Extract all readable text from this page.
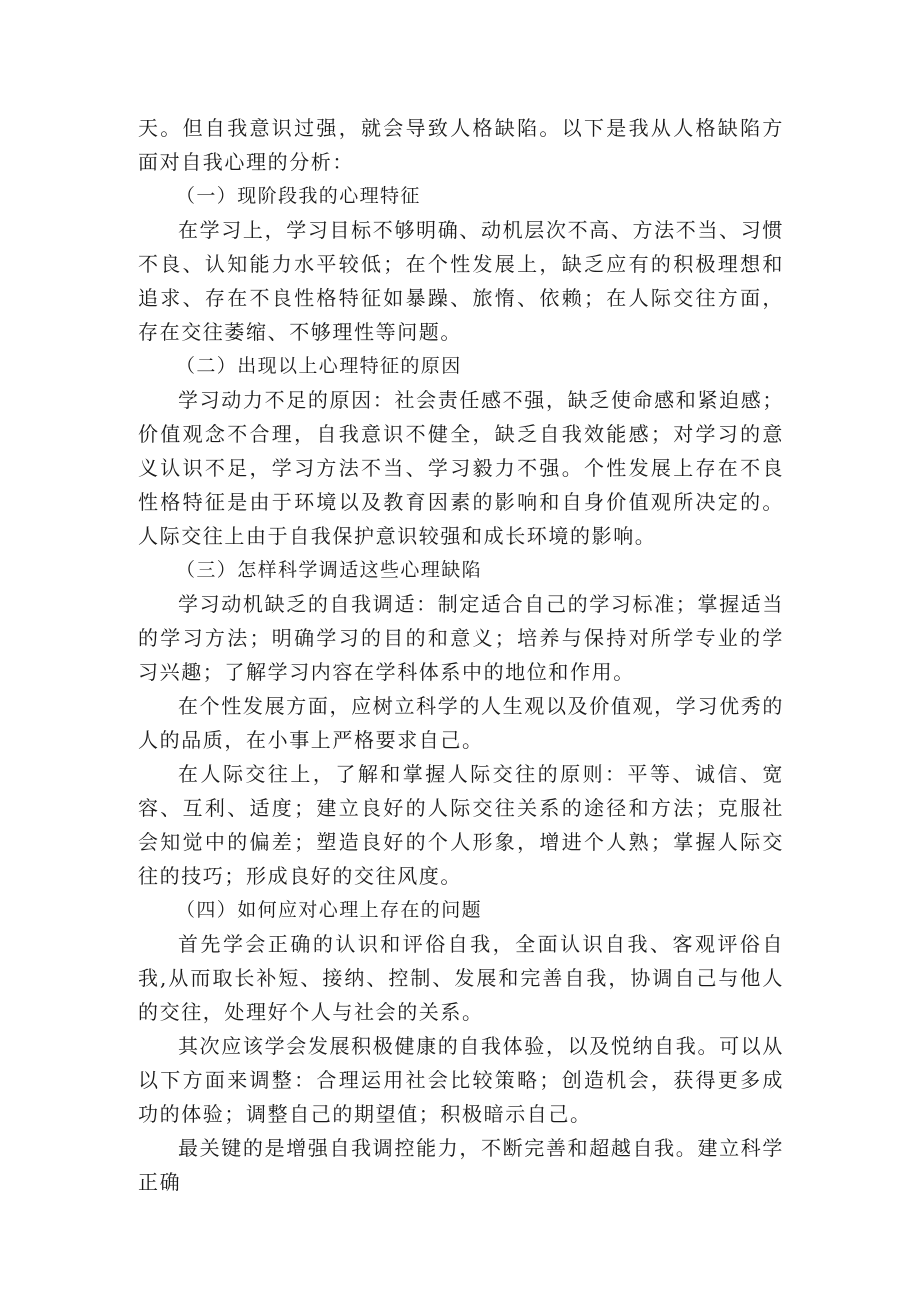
天。但自我意识过强，就会导致人格缺陷。以下是我从人格缺陷方面对自我心理的分析：

（一）现阶段我的心理特征

在学习上，学习目标不够明确、动机层次不高、方法不当、习惯不良、认知能力水平较低；在个性发展上，缺乏应有的积极理想和追求、存在不良性格特征如暴躁、旅惰、依赖；在人际交往方面，存在交往萎缩、不够理性等问题。

（二）出现以上心理特征的原因

学习动力不足的原因：社会责任感不强，缺乏使命感和紧迫感；价值观念不合理，自我意识不健全，缺乏自我效能感；对学习的意义认识不足，学习方法不当、学习毅力不强。个性发展上存在不良性格特征是由于环境以及教育因素的影响和自身价值观所决定的。人际交往上由于自我保护意识较强和成长环境的影响。

（三）怎样科学调适这些心理缺陷

学习动机缺乏的自我调适：制定适合自己的学习标准；掌握适当的学习方法；明确学习的目的和意义；培养与保持对所学专业的学习兴趣；了解学习内容在学科体系中的地位和作用。

在个性发展方面，应树立科学的人生观以及价值观，学习优秀的人的品质，在小事上严格要求自己。

在人际交往上，了解和掌握人际交往的原则：平等、诚信、宽容、互利、适度；建立良好的人际交往关系的途径和方法；克服社会知觉中的偏差；塑造良好的个人形象，增进个人熟；掌握人际交往的技巧；形成良好的交往风度。

（四）如何应对心理上存在的问题

首先学会正确的认识和评俗自我，全面认识自我、客观评俗自我,从而取长补短、接纳、控制、发展和完善自我，协调自己与他人的交往，处理好个人与社会的关系。

其次应该学会发展积极健康的自我体验，以及悦纳自我。可以从以下方面来调整：合理运用社会比较策略；创造机会，获得更多成功的体验；调整自己的期望值；积极暗示自己。

最关键的是增强自我调控能力，不断完善和超越自我。建立科学正确
